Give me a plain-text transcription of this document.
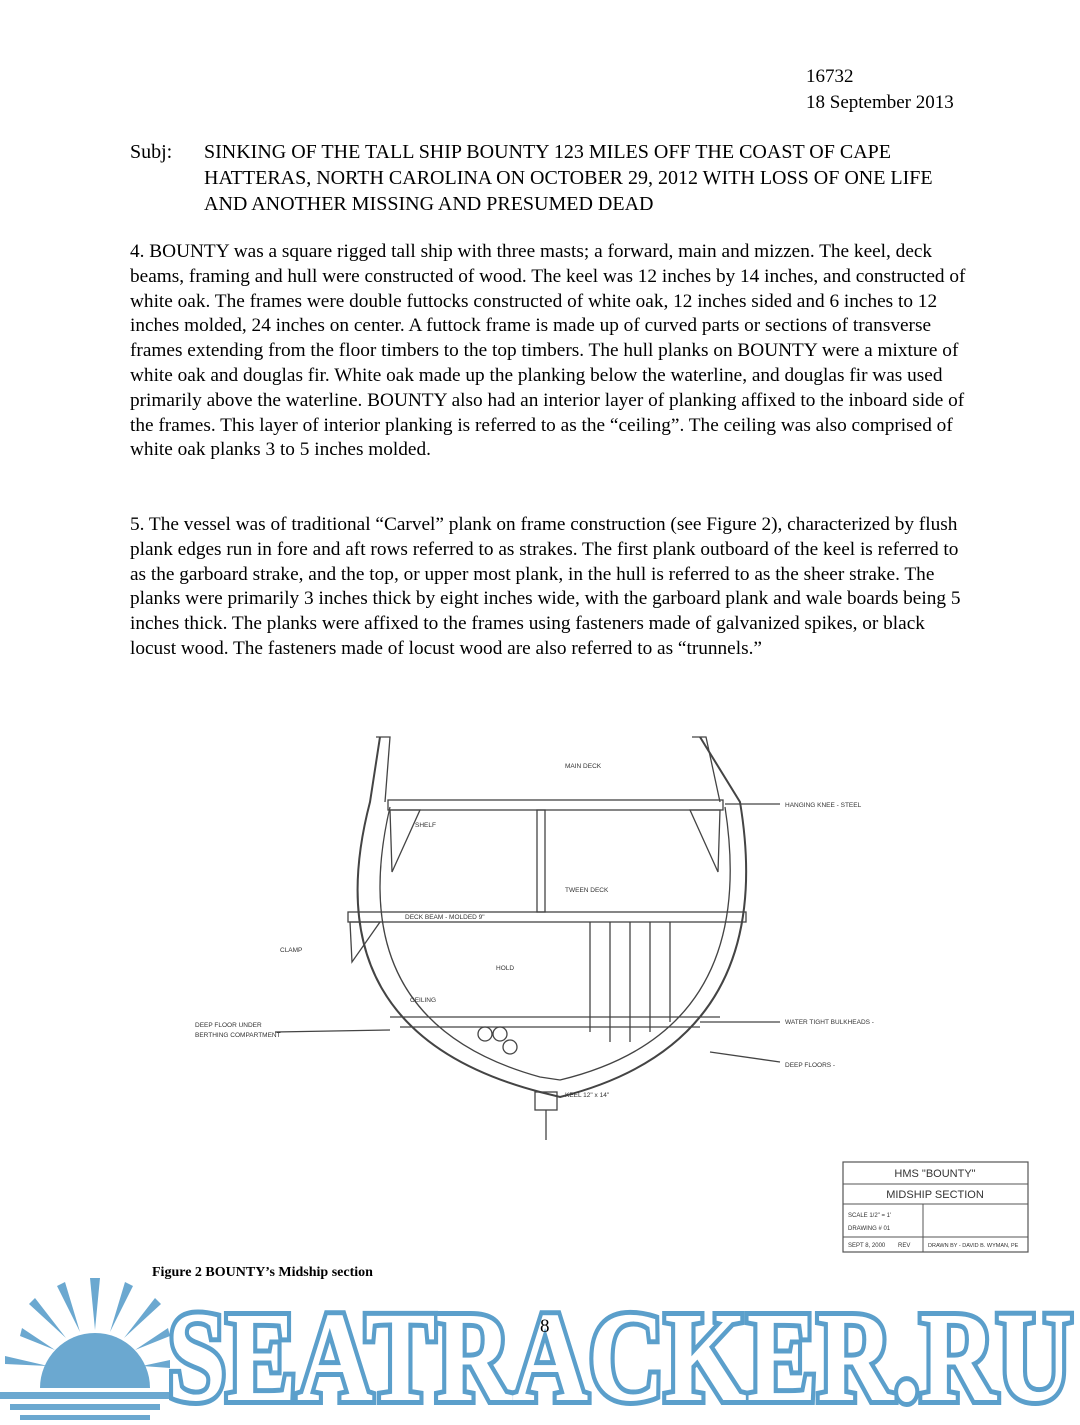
16732
18 September 2013
Subj: SINKING OF THE TALL SHIP BOUNTY 123 MILES OFF THE COAST OF CAPE HATTERAS, NORTH CAROLINA ON OCTOBER 29, 2012 WITH LOSS OF ONE LIFE AND ANOTHER MISSING AND PRESUMED DEAD

4. BOUNTY was a square rigged tall ship with three masts; a forward, main and mizzen. The keel, deck beams, framing and hull were constructed of wood. The keel was 12 inches by 14 inches, and constructed of white oak. The frames were double futtocks constructed of white oak, 12 inches sided and 6 inches to 12 inches molded, 24 inches on center. A futtock frame is made up of curved parts or sections of transverse frames extending from the floor timbers to the top timbers. The hull planks on BOUNTY were a mixture of white oak and douglas fir. White oak made up the planking below the waterline, and douglas fir was used primarily above the waterline. BOUNTY also had an interior layer of planking affixed to the inboard side of the frames. This layer of interior planking is referred to as the “ceiling”. The ceiling was also comprised of white oak planks 3 to 5 inches molded.

5. The vessel was of traditional “Carvel” plank on frame construction (see Figure 2), characterized by flush plank edges run in fore and aft rows referred to as strakes. The first plank outboard of the keel is referred to as the garboard strake, and the top, or upper most plank, in the hull is referred to as the sheer strake. The planks were primarily 3 inches thick by eight inches wide, with the garboard plank and wale boards being 5 inches thick. The planks were affixed to the frames using fasteners made of galvanized spikes, or black locust wood. The fasteners made of locust wood are also referred to as “trunnels.”

MAIN DECK
TWEEN DECK
HOLD
HANGING KNEE - STEEL
WATER TIGHT BULKHEADS -
DEEP FLOORS -
DEEP FLOOR UNDER
BERTHING COMPARTMENT
DECK BEAM - MOLDED 9"
KEEL 12" x 14"
CLAMP
SHELF
CEILING
HMS "BOUNTY"
MIDSHIP SECTION
SCALE 1/2" = 1'
DRAWING # 01
SEPT 8, 2000 REV	DRAWN BY - DAVID B. WYMAN, PE
Figure 2 BOUNTY’s Midship section
SEATRACKER.RU
8
